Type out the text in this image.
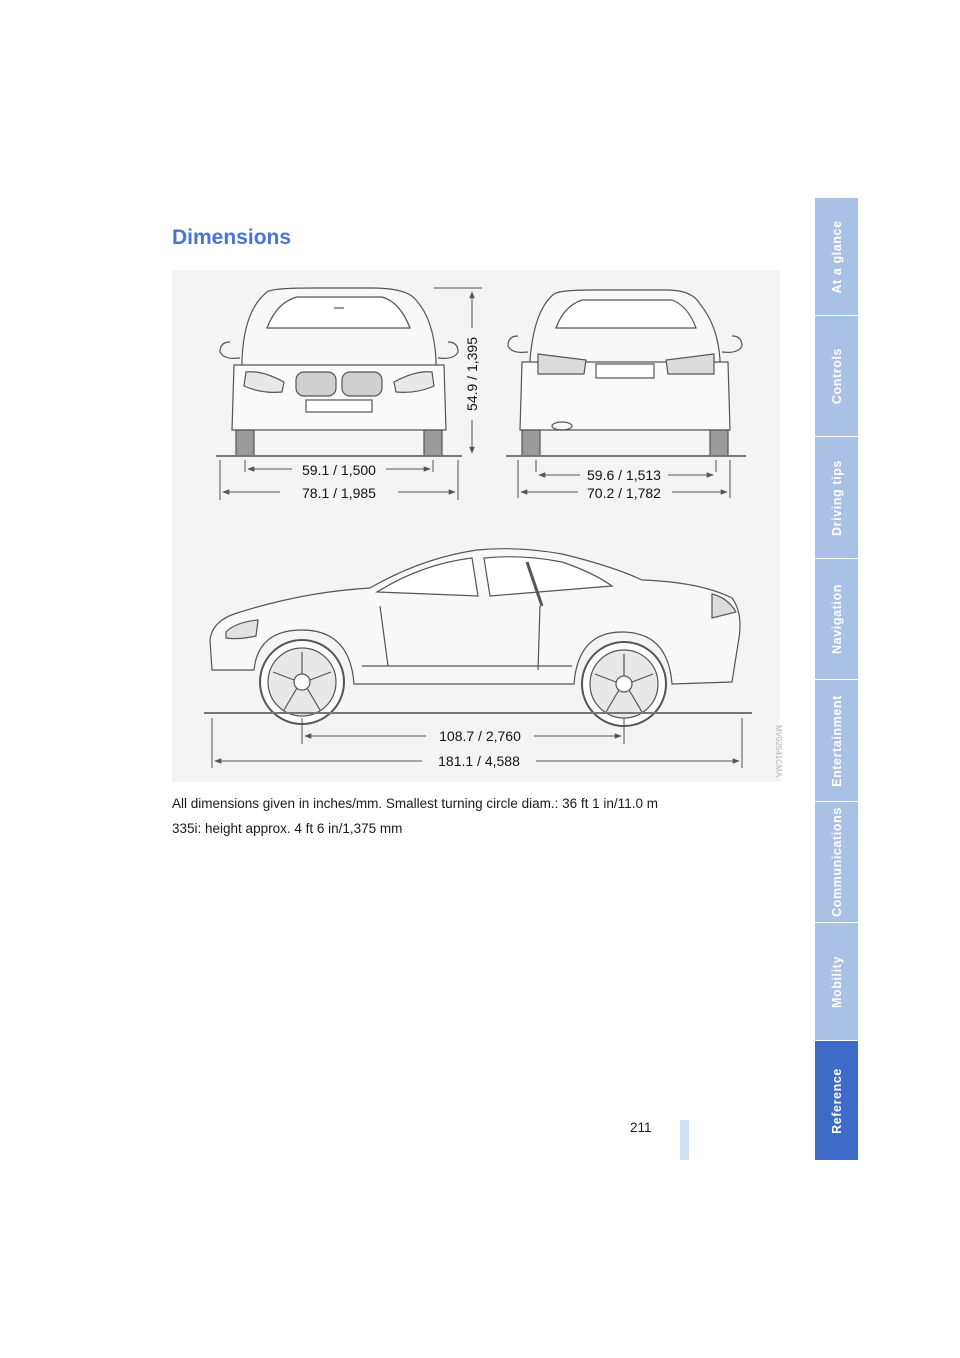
Dimensions
59.1 / 1,500
78.1 / 1,985
59.6 / 1,513
70.2 / 1,782
108.7 / 2,760
181.1 / 4,588
54.9 / 1,395
MV02541CMA
All dimensions given in inches/mm. Smallest turning circle diam.: 36 ft 1 in/11.0 m
335i: height approx. 4 ft 6 in/1,375 mm
211
At a glance
Controls
Driving tips
Navigation
Entertainment
Communications
Mobility
Reference
